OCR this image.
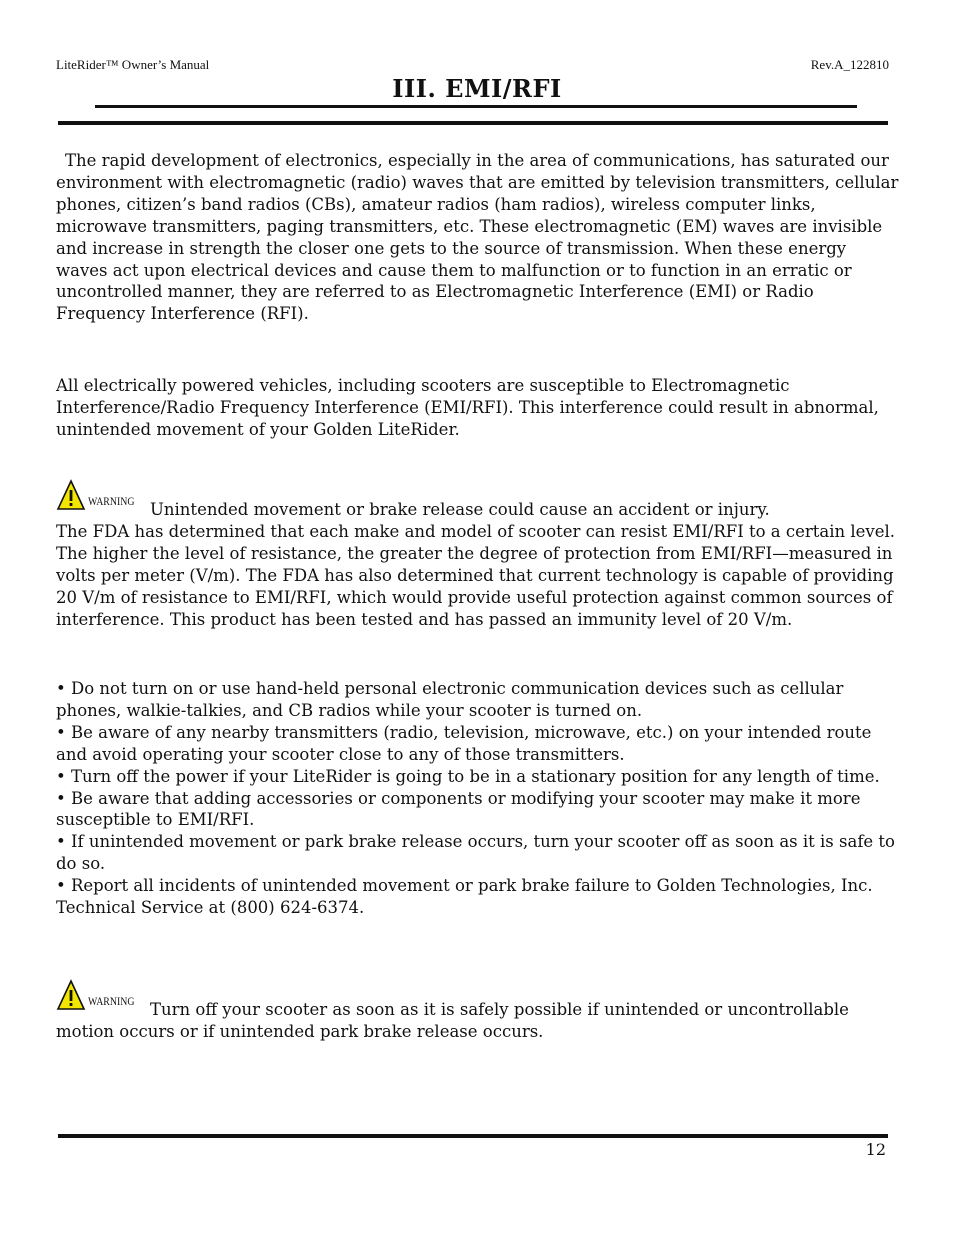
LiteRider™ Owner’s Manual	Rev.A_122810
III. EMI/RFI

The rapid development of electronics, especially in the area of communications, has saturated our environment with electromagnetic (radio) waves that are emitted by television transmitters, cellular phones, citizen’s band radios (CBs), amateur radios (ham radios), wireless computer links, microwave transmitters, paging transmitters, etc. These electromagnetic (EM) waves are invisible and increase in strength the closer one gets to the source of transmission. When these energy waves act upon electrical devices and cause them to malfunction or to function in an erratic or uncontrolled manner, they are referred to as Electromagnetic Interference (EMI) or Radio Frequency Interference (RFI).

All electrically powered vehicles, including scooters are susceptible to Electromagnetic Interference/Radio Frequency Interference (EMI/RFI). This interference could result in abnormal, unintended movement of your Golden LiteRider.

WARNING Unintended movement or brake release could cause an accident or injury.

The FDA has determined that each make and model of scooter can resist EMI/RFI to a certain level. The higher the level of resistance, the greater the degree of protection from EMI/RFI—measured in volts per meter (V/m). The FDA has also determined that current technology is capable of providing 20 V/m of resistance to EMI/RFI, which would provide useful protection against common sources of interference. This product has been tested and has passed an immunity level of 20 V/m.

• Do not turn on or use hand-held personal electronic communication devices such as cellular phones, walkie-talkies, and CB radios while your scooter is turned on.

• Be aware of any nearby transmitters (radio, television, microwave, etc.) on your intended route and avoid operating your scooter close to any of those transmitters.

• Turn off the power if your LiteRider is going to be in a stationary position for any length of time.

• Be aware that adding accessories or components or modifying your scooter may make it more susceptible to EMI/RFI.

• If unintended movement or park brake release occurs, turn your scooter off as soon as it is safe to do so.

• Report all incidents of unintended movement or park brake failure to Golden Technologies, Inc. Technical Service at (800) 624-6374.

WARNING Turn off your scooter as soon as it is safely possible if unintended or uncontrollable motion occurs or if unintended park brake release occurs.

12
